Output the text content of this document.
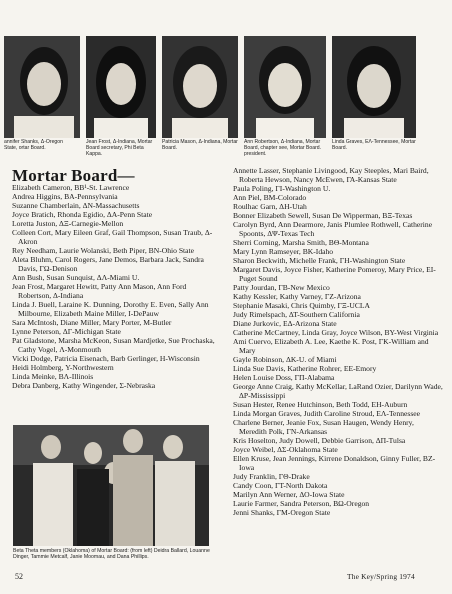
annifer Shanks, Δ-Oregon State, ortar Board.
Jean Frost, Δ-Indiana, Mortar Board secretary, Phi Beta Kappa.
Patricia Mason, Δ-Indiana, Mortar Board.
Ann Robertson, Δ-Indiana, Mortar Board, chapter see, Mortar Board. president.
Linda Graves, ΕΛ-Tennessee, Mortar Board.
Mortar Board—

Elizabeth Cameron, BB¹-St. Lawrence

Andrea Higgins, BA-Pennsylvania

Suzanne Chamberlain, ΔN-Massachusetts

Joyce Bratich, Rhonda Egidio, ΔA-Penn State

Loretta Juston, ΔΞ-Carnegie-Mellon

Colleen Cort, Mary Eileen Graf, Gail Thompson, Susan Traub, Δ-Akron

Rey Needham, Laurie Wolanski, Beth Piper, BN-Ohio State

Aleta Bluhm, Carol Rogers, Jane Demos, Barbara Jack, Sandra Davis, ΓΩ-Denison

Ann Bush, Susan Sunquist, ΔΛ-Miami U.

Jean Frost, Margaret Hewitt, Patty Ann Mason, Ann Ford Robertson, Δ-Indiana

Linda J. Buell, Laraine K. Dunning, Dorothy E. Even, Sally Ann Milbourne, Elizabeth Maine Miller, Ι-DePauw

Sara McIntosh, Diane Miller, Mary Porter, M-Butler

Lynne Peterson, ΔΓ-Michigan State

Pat Gladstone, Marsha McKeon, Susan Mardjetke, Sue Prochaska, Cathy Vogel, Λ-Monmouth

Vicki Dodge, Patricia Eisenach, Barb Gerlinger, Η-Wisconsin

Heidi Holmberg, Υ-Northwestern

Linda Meinke, BΛ-Illinois

Debra Danberg, Kathy Wingender, Σ-Nebraska

Beta Theta members (Oklahoma) of Mortar Board: (from left) Deidra Ballard, Louanne Dinger, Tammie Metcalf, Janie Moomau, and Dana Phillips.

Annette Lasser, Stephanie Livingood, Kay Steeples, Mari Baird, Roberta Hewson, Nancy McEwen, ΓΑ-Kansas State

Paula Poling, ΓΙ-Washington U.

Ann Piel, BM-Colorado

Roulhac Garn, ΔΗ-Utah

Bonner Elizabeth Sewell, Susan De Wipperman, BΞ-Texas

Carolyn Byrd, Ann Dearmore, Janis Plumlee Rothwell, Catherine Spoonts, ΔΨ-Texas Tech

Sherri Corning, Marsha Smith, BΘ-Montana

Mary Lynn Ramseyer, BΚ-Idaho

Sharon Beckwith, Michelle Frank, ΓΗ-Washington State

Margaret Davis, Joyce Fisher, Katherine Pomeroy, Mary Price, ΕΙ-Puget Sound

Patty Jourdan, ΓΒ-New Mexico

Kathy Kessler, Kathy Varney, ΓΖ-Arizona

Stephanie Masaki, Chris Quimby, ΓΞ-UCLA

Judy Rimelspach, ΔΤ-Southern California

Diane Jurkovic, ΕΔ-Arizona State

Catherine McCartney, Linda Gray, Joyce Wilson, BΥ-West Virginia

Ami Cuervo, Elizabeth A. Lee, Kaethe K. Post, ΓΚ-William and Mary

Gayle Robinson, ΔΚ-U. of Miami

Linda Sue Davis, Katherine Rohrer, ΕΕ-Emory

Helen Louise Doss, ΓΠ-Alabama

George Anne Craig, Kathy McKellar, LaRand Ozier, Darilynn Wade, ΔΡ-Mississippi

Susan Hester, Renee Hutchinson, Beth Todd, ΕΗ-Auburn

Linda Morgan Graves, Judith Caroline Stroud, ΕΛ-Tennessee

Charlene Berner, Jeanie Fox, Susan Haugen, Wendy Henry, Meredith Polk, ΓΝ-Arkansas

Kris Hoselton, Judy Dowell, Debbie Garrison, ΔΠ-Tulsa

Joyce Weibel, ΔΣ-Oklahoma State

Ellen Kruse, Jean Jennings, Kirrene Donaldson, Ginny Fuller, BΖ-Iowa

Judy Franklin, ΓΘ-Drake

Candy Coon, ΓΤ-North Dakota

Marilyn Ann Werner, ΔΟ-Iowa State

Laurie Farmer, Sandra Peterson, BΩ-Oregon

Jenni Shanks, ΓΜ-Oregon State

52	The Key/Spring 1974
